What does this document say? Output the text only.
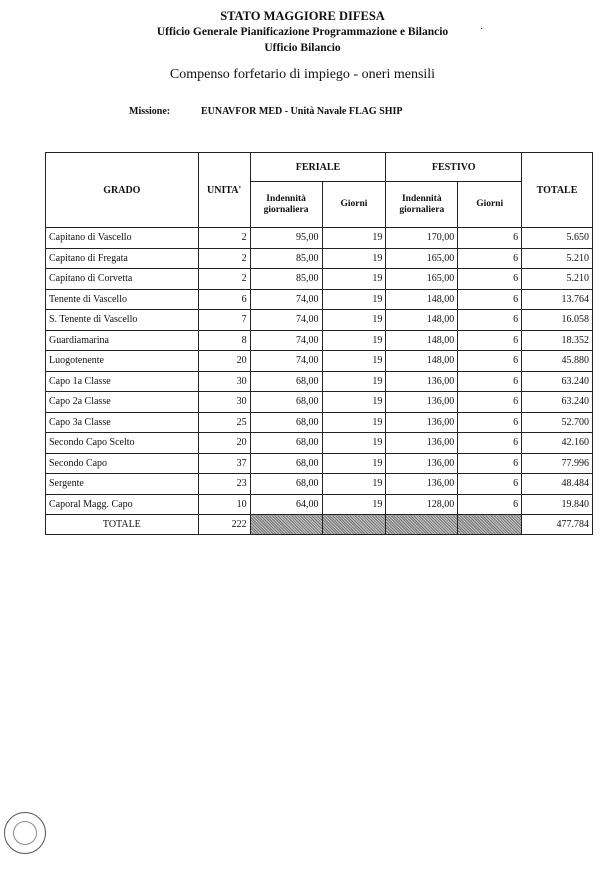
STATO MAGGIORE DIFESA
Ufficio Generale Pianificazione Programmazione e Bilancio
Ufficio Bilancio
·
Compenso forfetario di impiego - oneri mensili
Missione:	EUNAVFOR MED - Unità Navale FLAG SHIP
GRADO	UNITA'	FERIALE		FESTIVO		TOTALE
		Indennità giornaliera	Giorni	Indennità giornaliera	Giorni	
Capitano di Vascello	2	95,00	19	170,00	6	5.650
Capitano di Fregata	2	85,00	19	165,00	6	5.210
Capitano di Corvetta	2	85,00	19	165,00	6	5.210
Tenente di Vascello	6	74,00	19	148,00	6	13.764
S. Tenente di Vascello	7	74,00	19	148,00	6	16.058
Guardiamarina	8	74,00	19	148,00	6	18.352
Luogotenente	20	74,00	19	148,00	6	45.880
Capo 1a Classe	30	68,00	19	136,00	6	63.240
Capo 2a Classe	30	68,00	19	136,00	6	63.240
Capo 3a Classe	25	68,00	19	136,00	6	52.700
Secondo Capo Scelto	20	68,00	19	136,00	6	42.160
Secondo Capo	37	68,00	19	136,00	6	77.996
Sergente	23	68,00	19	136,00	6	48.484
Caporal Magg. Capo	10	64,00	19	128,00	6	19.840
TOTALE	222					477.784
